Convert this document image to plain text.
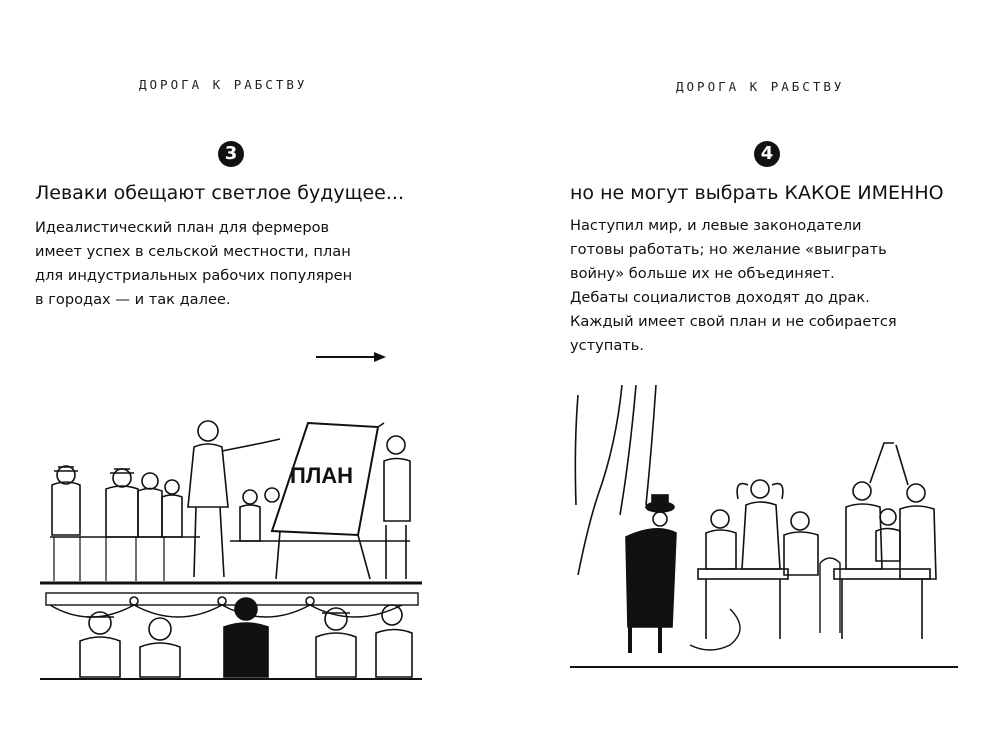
ДОРОГА К РАБСТВУ
3
Леваки обещают светлое будущее...
Идеалистический план для фермеров
имеет успех в сельской местности, план
для индустриальных рабочих популярен
в городах — и так далее.
ПЛАН
ДОРОГА К РАБСТВУ
4
но не могут выбрать КАКОЕ ИМЕННО
Наступил мир, и левые законодатели
готовы работать; но желание «выиграть
войну» больше их не объединяет.
Дебаты социалистов доходят до драк.
Каждый имеет свой план и не собирается
уступать.
